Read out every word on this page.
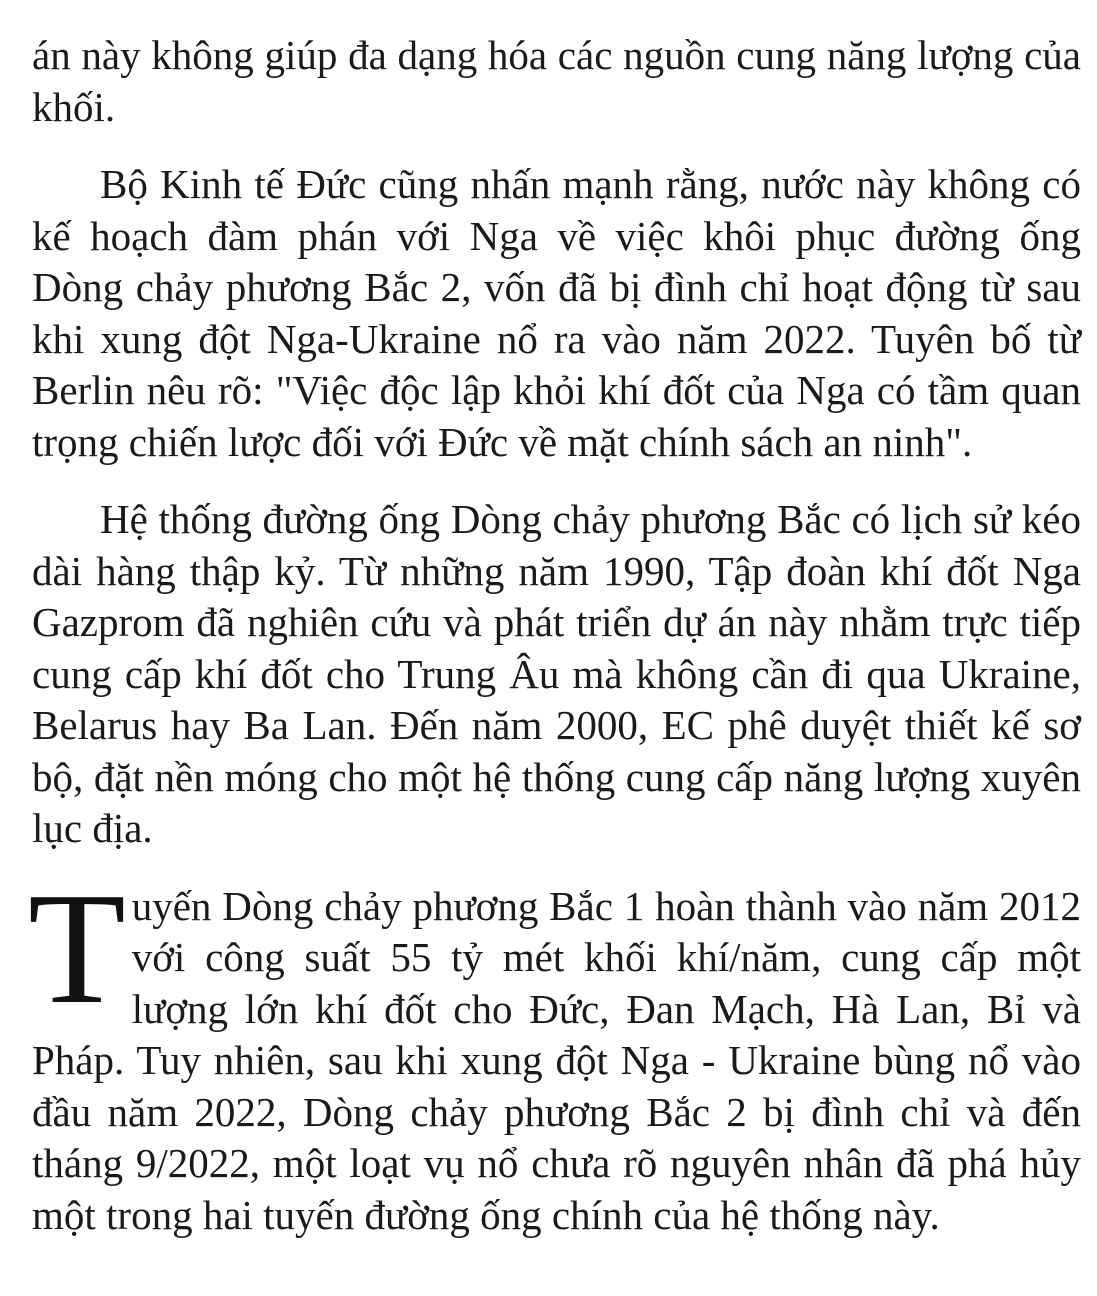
án này không giúp đa dạng hóa các nguồn cung năng lượng của khối.

Bộ Kinh tế Đức cũng nhấn mạnh rằng, nước này không có kế hoạch đàm phán với Nga về việc khôi phục đường ống Dòng chảy phương Bắc 2, vốn đã bị đình chỉ hoạt động từ sau khi xung đột Nga-Ukraine nổ ra vào năm 2022. Tuyên bố từ Berlin nêu rõ: "Việc độc lập khỏi khí đốt của Nga có tầm quan trọng chiến lược đối với Đức về mặt chính sách an ninh".

Hệ thống đường ống Dòng chảy phương Bắc có lịch sử kéo dài hàng thập kỷ. Từ những năm 1990, Tập đoàn khí đốt Nga Gazprom đã nghiên cứu và phát triển dự án này nhằm trực tiếp cung cấp khí đốt cho Trung Âu mà không cần đi qua Ukraine, Belarus hay Ba Lan. Đến năm 2000, EC phê duyệt thiết kế sơ bộ, đặt nền móng cho một hệ thống cung cấp năng lượng xuyên lục địa.

Tuyến Dòng chảy phương Bắc 1 hoàn thành vào năm 2012 với công suất 55 tỷ mét khối khí/năm, cung cấp một lượng lớn khí đốt cho Đức, Đan Mạch, Hà Lan, Bỉ và Pháp. Tuy nhiên, sau khi xung đột Nga - Ukraine bùng nổ vào đầu năm 2022, Dòng chảy phương Bắc 2 bị đình chỉ và đến tháng 9/2022, một loạt vụ nổ chưa rõ nguyên nhân đã phá hủy một trong hai tuyến đường ống chính của hệ thống này.
